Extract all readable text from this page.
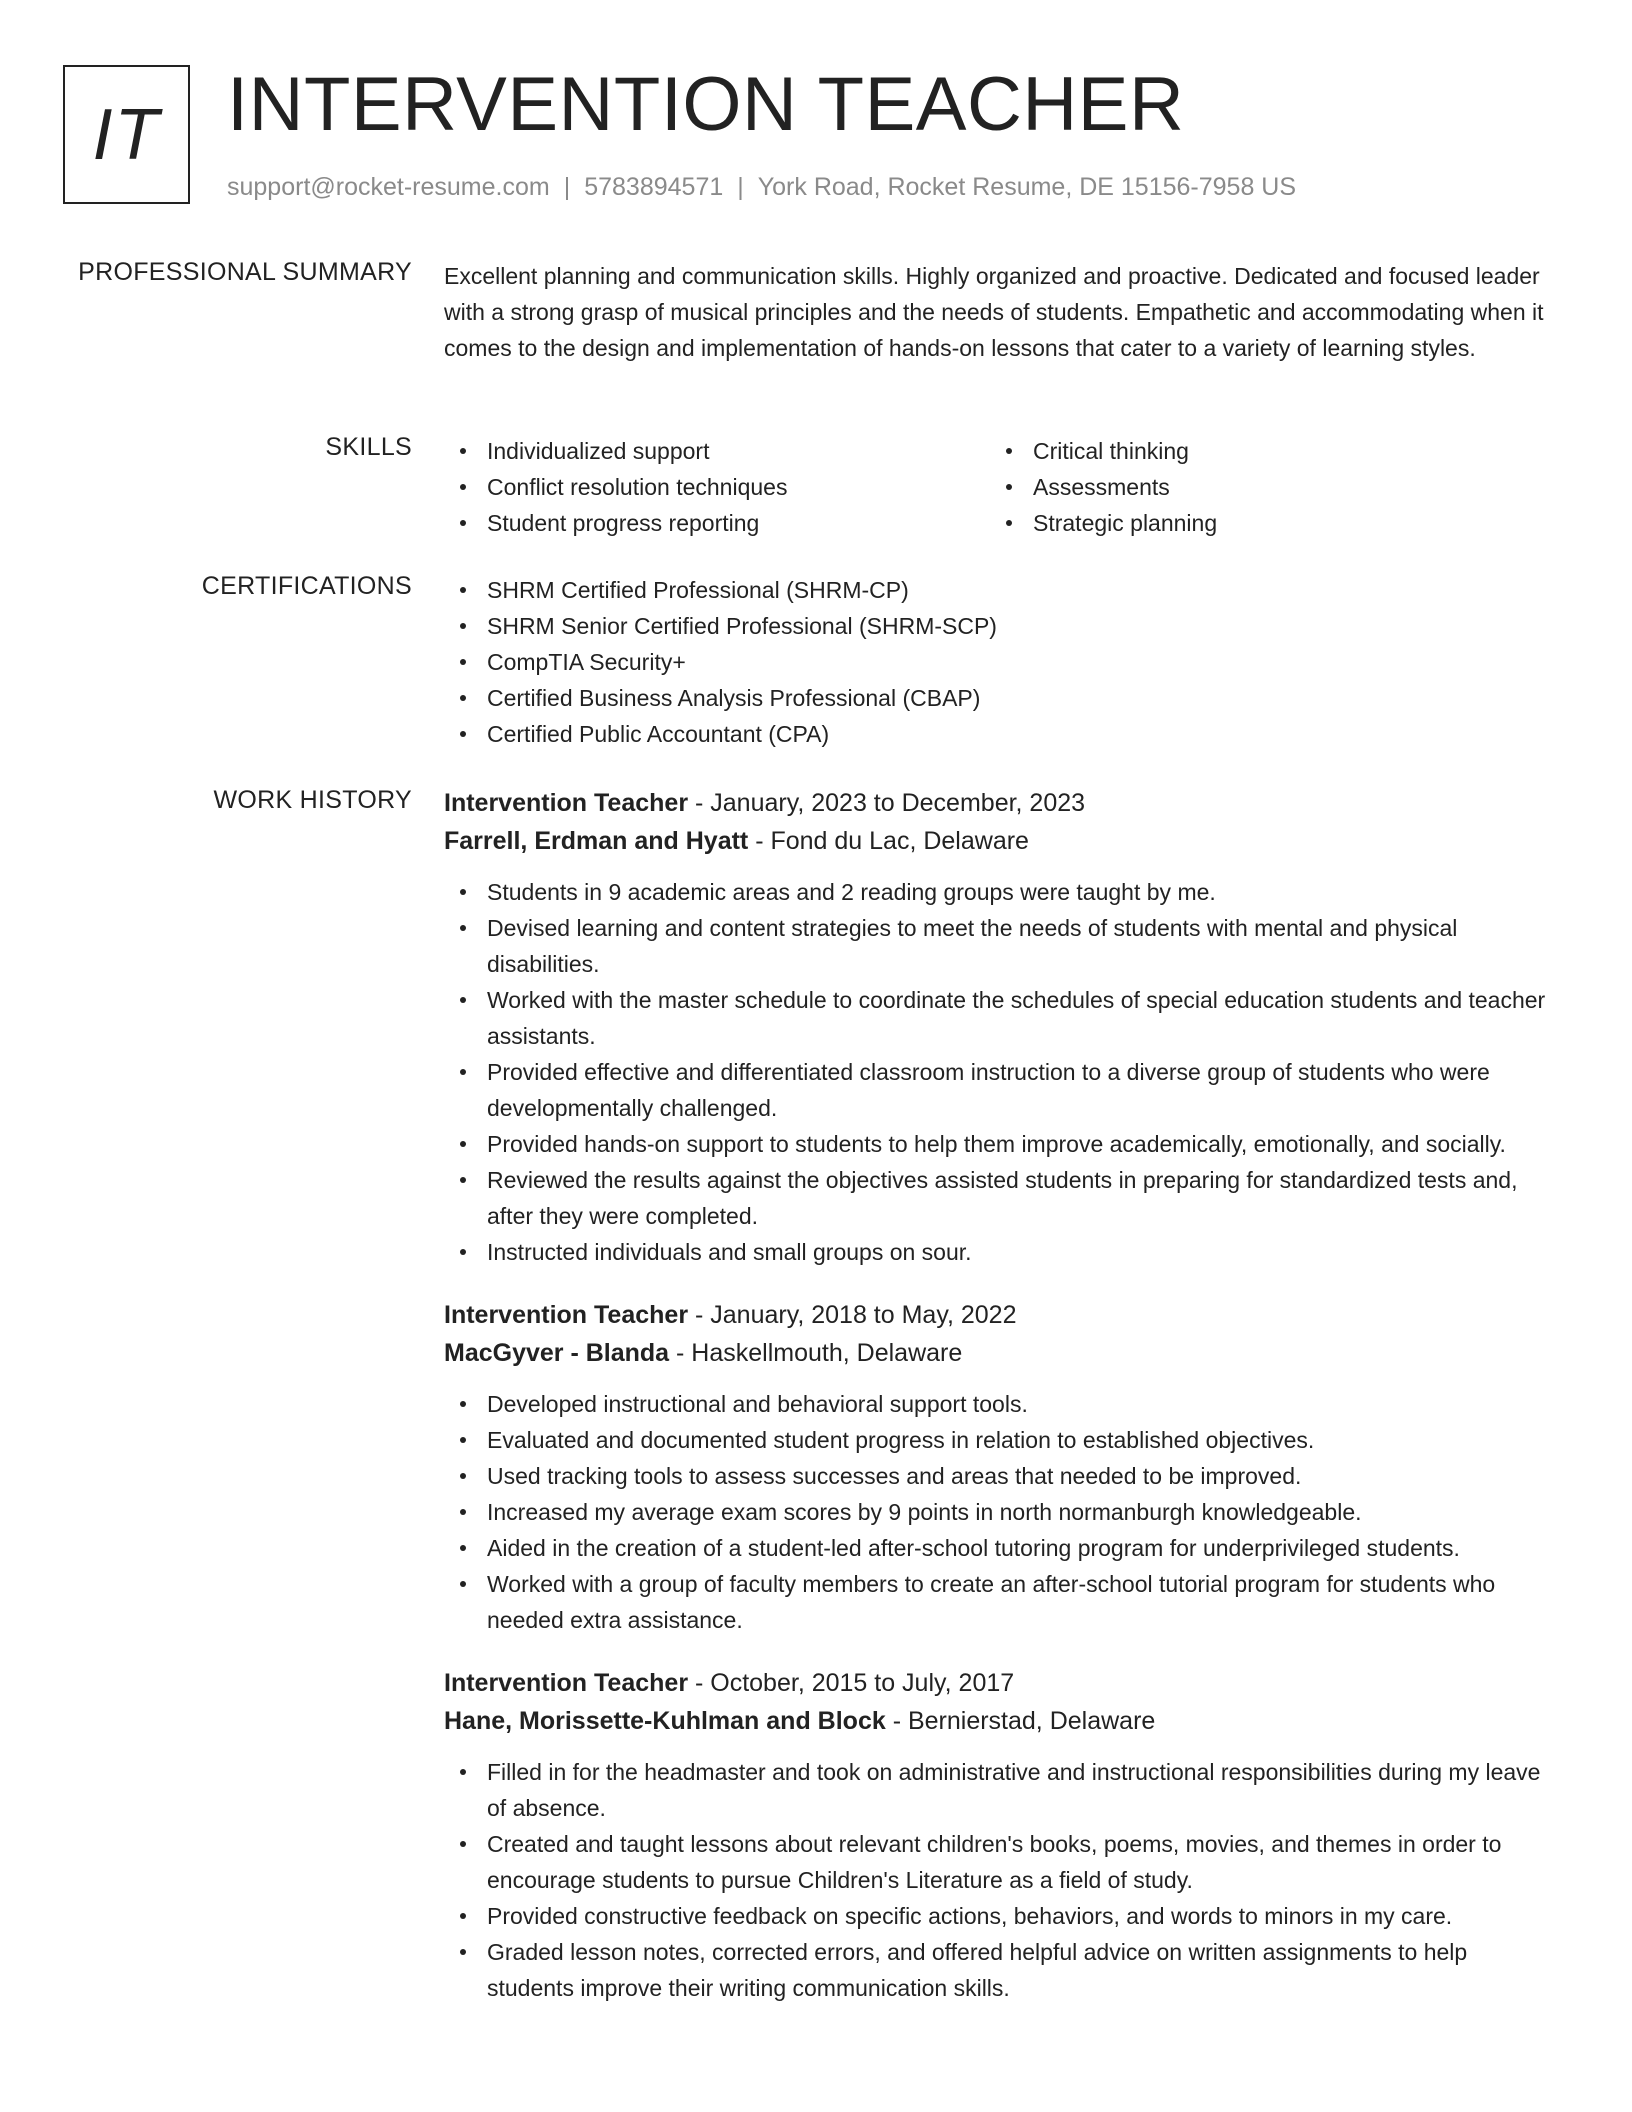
IT INTERVENTION TEACHER
support@rocket-resume.com | 5783894571 | York Road, Rocket Resume, DE 15156-7958 US
PROFESSIONAL SUMMARY Excellent planning and communication skills. Highly organized and proactive. Dedicated and focused leader with a strong grasp of musical principles and the needs of students. Empathetic and accommodating when it comes to the design and implementation of hands-on lessons that cater to a variety of learning styles.
SKILLS	Individualized support
Conflict resolution techniques
Student progress reporting
Critical thinking
Assessments
Strategic planning
CERTIFICATIONS	SHRM Certified Professional (SHRM-CP)
SHRM Senior Certified Professional (SHRM-SCP)
CompTIA Security+
Certified Business Analysis Professional (CBAP)
Certified Public Accountant (CPA)
WORK HISTORY Intervention Teacher - January, 2023 to December, 2023
Farrell, Erdman and Hyatt - Fond du Lac, Delaware
Students in 9 academic areas and 2 reading groups were taught by me.
Devised learning and content strategies to meet the needs of students with mental and physical disabilities.
Worked with the master schedule to coordinate the schedules of special education students and teacher assistants.
Provided effective and differentiated classroom instruction to a diverse group of students who were developmentally challenged.
Provided hands-on support to students to help them improve academically, emotionally, and socially.
Reviewed the results against the objectives assisted students in preparing for standardized tests and, after they were completed.
Instructed individuals and small groups on sour.
Intervention Teacher - January, 2018 to May, 2022
MacGyver - Blanda - Haskellmouth, Delaware
Developed instructional and behavioral support tools.
Evaluated and documented student progress in relation to established objectives.
Used tracking tools to assess successes and areas that needed to be improved.
Increased my average exam scores by 9 points in north normanburgh knowledgeable.
Aided in the creation of a student-led after-school tutoring program for underprivileged students.
Worked with a group of faculty members to create an after-school tutorial program for students who needed extra assistance.
Intervention Teacher - October, 2015 to July, 2017
Hane, Morissette-Kuhlman and Block - Bernierstad, Delaware
Filled in for the headmaster and took on administrative and instructional responsibilities during my leave of absence.
Created and taught lessons about relevant children's books, poems, movies, and themes in order to encourage students to pursue Children's Literature as a field of study.
Provided constructive feedback on specific actions, behaviors, and words to minors in my care.
Graded lesson notes, corrected errors, and offered helpful advice on written assignments to help students improve their writing communication skills.
